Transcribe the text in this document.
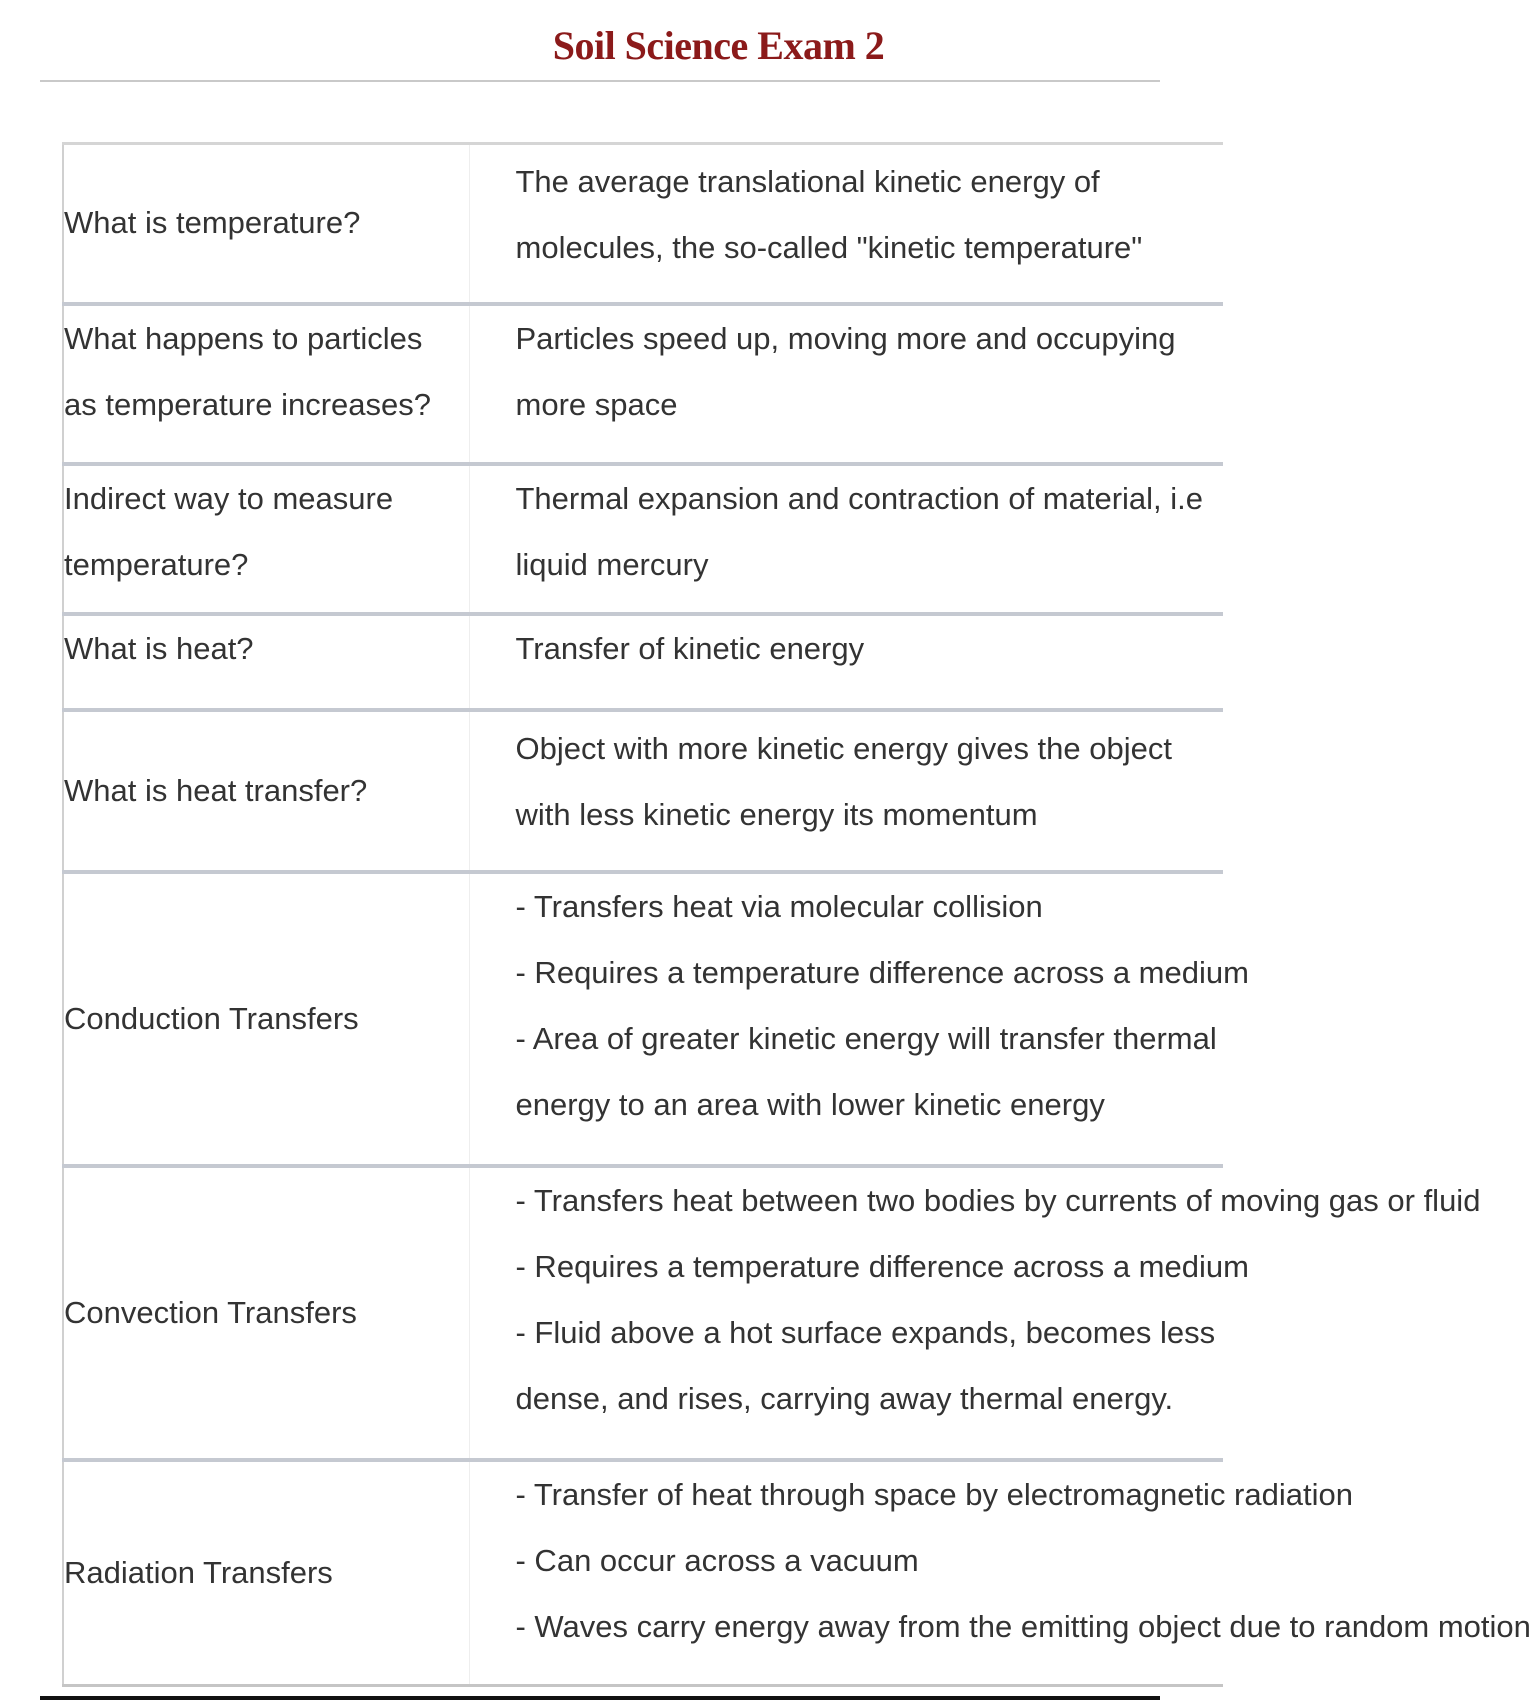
Soil Science Exam 2
What is temperature?	The average translational kinetic energy of molecules, the so-called "kinetic temperature"
What happens to particles as temperature increases?	Particles speed up, moving more and occupying more space
Indirect way to measure temperature?	Thermal expansion and contraction of material, i.e liquid mercury
What is heat?	Transfer of kinetic energy
What is heat transfer?	Object with more kinetic energy gives the object with less kinetic energy its momentum
Conduction Transfers	- Transfers heat via molecular collision
- Requires a temperature difference across a medium
- Area of greater kinetic energy will transfer thermal energy to an area with lower kinetic energy
Convection Transfers	- Transfers heat between two bodies by currents of moving gas or fluid
- Requires a temperature difference across a medium
- Fluid above a hot surface expands, becomes less dense, and rises, carrying away thermal energy.
Radiation Transfers	- Transfer of heat through space by electromagnetic radiation
- Can occur across a vacuum
- Waves carry energy away from the emitting object due to random motion
